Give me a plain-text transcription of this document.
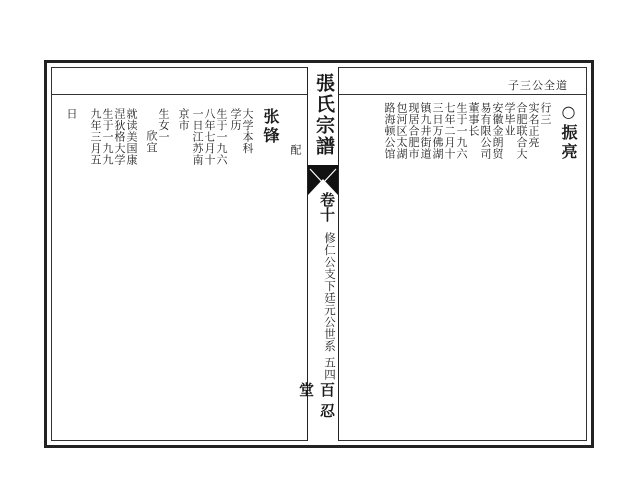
子三公全道
○振亮
行三
实名正亮
合肥联合大
学毕业
安徽金朗贸
易有限公司
董事长
生于一九六
七年二月十
三日万佛湖
镇九井街道
现居合肥市
包河区太湖
路海顿公馆
張氏宗譜
卷十
修仁公支下廷元公世系 五四
百忍堂
配
张锋
大学本科
学历
生于一九六
八年七月十
一日江苏南
京市
生女一
欣宜
就读美国康
涅狄格大学
生于一九九
九年三月五
日
